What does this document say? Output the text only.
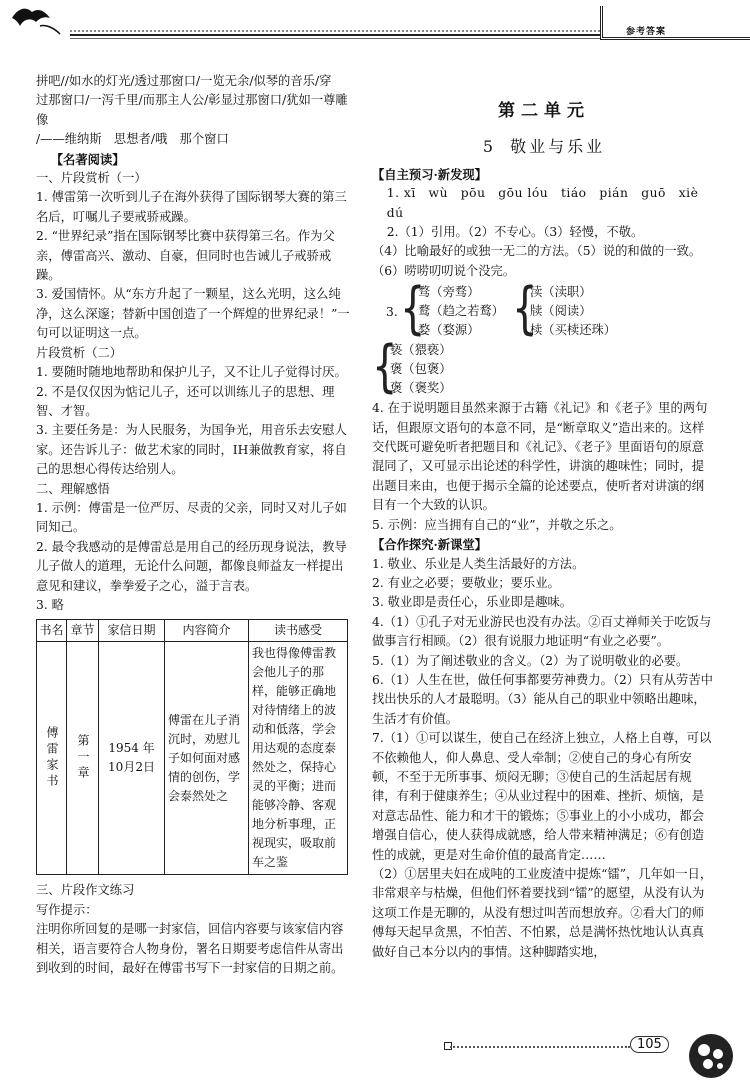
参考答案

拼吧//如水的灯光/透过那窗口/一览无余/似琴的音乐/穿

过那窗口/一泻千里/而那主人公/彰显过那窗口/犹如一尊雕像

/——维纳斯　思想者/哦　那个窗口

【名著阅读】

一、片段赏析（一）

1. 傅雷第一次听到儿子在海外获得了国际钢琴大赛的第三名后，叮嘱儿子要戒骄戒躁。

2. “世界纪录”指在国际钢琴比赛中获得第三名。作为父亲，傅雷高兴、激动、自豪，但同时也告诫儿子戒骄戒躁。

3. 爱国情怀。从“东方升起了一颗星，这么光明，这么纯净，这么深邃；替新中国创造了一个辉煌的世界纪录！”一句可以证明这一点。

片段赏析（二）

1. 要随时随地地帮助和保护儿子，又不让儿子觉得讨厌。

2. 不是仅仅因为惦记儿子，还可以训练儿子的思想、理智、才智。

3. 主要任务是：为人民服务，为国争光，用音乐去安慰人家。还告诉儿子：做艺术家的同时，IH兼做教育家，将自己的思想心得传达给别人。

二、理解感悟

1. 示例：傅雷是一位严厉、尽责的父亲，同时又对儿子如同知己。

2. 最令我感动的是傅雷总是用自己的经历现身说法，教导儿子做人的道理，无论什么问题，都像良师益友一样提出意见和建议，拳拳爱子之心，溢于言表。

3. 略

书名	章节	家信日期	内容简介	读书感受

傅雷家书	第一章	1954 年 10月2日	傅雷在儿子消沉时，劝慰儿子如何面对感情的创伤，学会泰然处之	我也得像傅雷教会他儿子的那样，能够正确地对待情绪上的波动和低落，学会用达观的态度泰然处之，保持心灵的平衡；进而能够冷静、客观地分析事理，正视现实，吸取前车之鉴

三、片段作文练习

写作提示：

注明你所回复的是哪一封家信，回信内容要与该家信内容相关，语言要符合人物身份，署名日期要考虑信件从寄出到收到的时间，最好在傅雷书写下一封家信的日期之前。

第二单元
5 敬业与乐业

【自主预习·新发现】

1. xī　wù　pōu　gōu lóu　tiáo　pián　guō　xiè dú

2.（1）引用。（2）不专心。（3）轻慢，不敬。

（4）比喻最好的或独一无二的方法。（5）说的和做的一致。

（6）唠唠叨叨说个没完。

3. {
骛（旁骛）
鹜（趋之若鹜）
婺（婺源） {
渎（渎职）
牍（阅读）
椟（买椟还珠）
{
亵（猥亵）
褒（包褒）
褒（褒奖）

4. 在于说明题目虽然来源于古籍《礼记》和《老子》里的两句话，但跟原文语句的本意不同，是“断章取义”造出来的。这样交代既可避免听者把题目和《礼记》、《老子》里面语句的原意混同了，又可显示出论述的科学性，讲演的趣味性；同时，提出题目来由，也便于揭示全篇的论述要点，使听者对讲演的纲目有一个大致的认识。

5. 示例：应当拥有自己的“业”，并敬之乐之。

【合作探究·新课堂】

1. 敬业、乐业是人类生活最好的方法。

2. 有业之必要；要敬业；要乐业。

3. 敬业即是责任心，乐业即是趣味。

4.（1）①孔子对无业游民也没有办法。②百丈禅师关于吃饭与做事言行相顾。（2）很有说服力地证明“有业之必要”。

5.（1）为了阐述敬业的含义。（2）为了说明敬业的必要。

6.（1）人生在世，做任何事都要劳神费力。（2）只有从劳苦中找出快乐的人才最聪明。（3）能从自己的职业中领略出趣味，生活才有价值。

7.（1）①可以谋生，使自己在经济上独立，人格上自尊，可以不依赖他人，仰人鼻息、受人牵制；②使自己的身心有所安顿，不至于无所事事、烦闷无聊；③使自己的生活起居有规律，有利于健康养生；④从业过程中的困难、挫折、烦恼，是对意志品性、能力和才干的锻炼；⑤事业上的小小成功，都会增强自信心，使人获得成就感，给人带来精神满足；⑥有创造性的成就，更是对生命价值的最高肯定……

（2）①居里夫妇在成吨的工业废渣中提炼“镭”，几年如一日，非常艰辛与枯燥，但他们怀着要找到“镭”的愿望，从没有认为这项工作是无聊的，从没有想过叫苦而想放弃。②看大门的师傅每天起早贪黑，不怕苦、不怕累，总是满怀热忱地认认真真做好自己本分以内的事情。这种脚踏实地，

105
